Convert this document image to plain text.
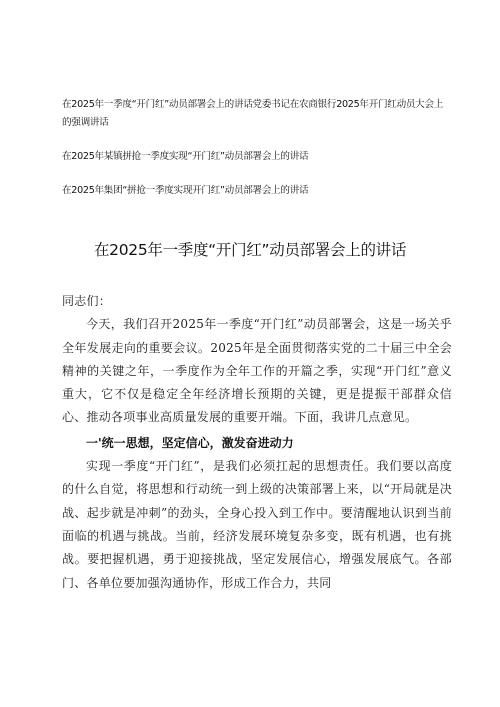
在2025年一季度“开门红”动员部署会上的讲话党委书记在农商银行2025年开门红动员大会上的强调讲话
在2025年某镇拼抢一季度实现“开门红”动员部署会上的讲话
在2025年集团“拼抢一季度实现开门红”动员部署会上的讲话
在2025年一季度“开门红”动员部署会上的讲话

同志们：

今天，我们召开2025年一季度“开门红”动员部署会，这是一场关乎全年发展走向的重要会议。2025年是全面贯彻落实党的二十届三中全会精神的关键之年，一季度作为全年工作的开篇之季，实现“开门红”意义重大，它不仅是稳定全年经济增长预期的关键，更是提振干部群众信心、推动各项事业高质量发展的重要开端。下面，我讲几点意见。

一'统一思想，坚定信心，激发奋进动力

实现一季度“开门红”，是我们必须扛起的思想责任。我们要以高度的什么自觉，将思想和行动统一到上级的决策部署上来，以“开局就是决战、起步就是冲刺”的劲头，全身心投入到工作中。要清醒地认识到当前面临的机遇与挑战。当前，经济发展环境复杂多变，既有机遇，也有挑战。要把握机遇，勇于迎接挑战，坚定发展信心，增强发展底气。各部门、各单位要加强沟通协作，形成工作合力，共同
